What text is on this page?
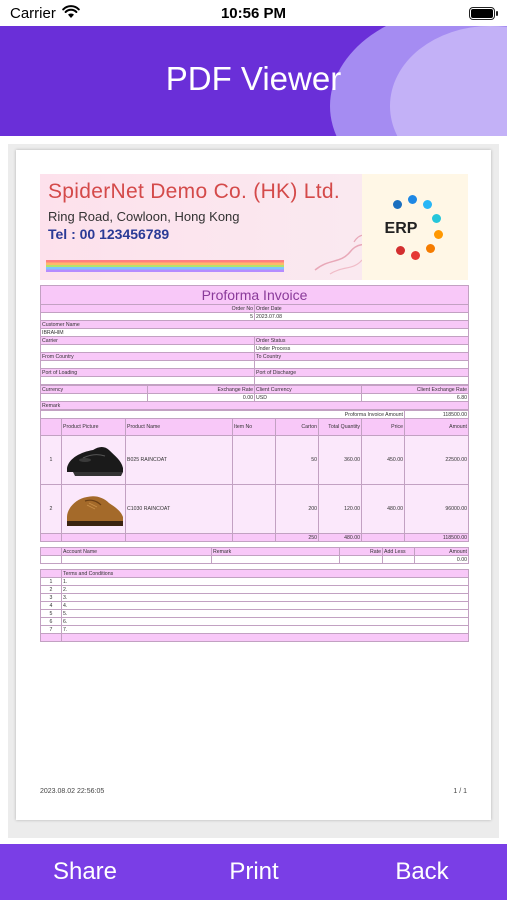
Carrier	10:56 PM
PDF Viewer
SpiderNet Demo Co. (HK) Ltd.
Ring Road, Cowloon, Hong Kong
Tel : 00 123456789	ERP
Proforma Invoice	
Order No	Order Date
5	2023.07.08
Customer Name	
IBRAHIM	
Carrier	Order Status
	Under Process
From Country	To Country

Port of Loading	Port of Discharge

Currency	Exchange Rate	Client Currency	Client Exchange Rate
	0.00	USD	6.80
Remark			
Proforma Invoice Amount							118500.00
	Product Picture	Product Name	Item No	Carton	Total Quantity	Price	Amount
1		B025 RAINCOAT		50	360.00	450.00	22500.00
2		C1030 RAINCOAT		200	120.00	480.00	96000.00
				250	480.00		118500.00
	Account Name	Remark	Rate	Add Less	Amount
					0.00
	Terms and Conditions
1	1.
2	2.
3	3.
4	4.
5	5.
6	6.
7	7.

2023.08.02 22:56:05	1 / 1
Share	Print	Back
